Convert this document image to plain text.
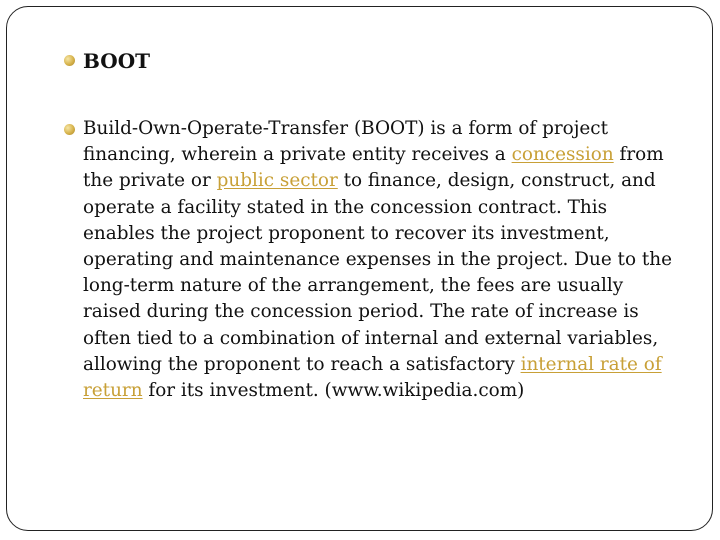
BOOT

Build-Own-Operate-Transfer (BOOT) is a form of project financing, wherein a private entity receives a concession from the private or public sector to finance, design, construct, and operate a facility stated in the concession contract. This enables the project proponent to recover its investment, operating and maintenance expenses in the project. Due to the long-term nature of the arrangement, the fees are usually raised during the concession period. The rate of increase is often tied to a combination of internal and external variables, allowing the proponent to reach a satisfactory internal rate of return for its investment. (www.wikipedia.com)
